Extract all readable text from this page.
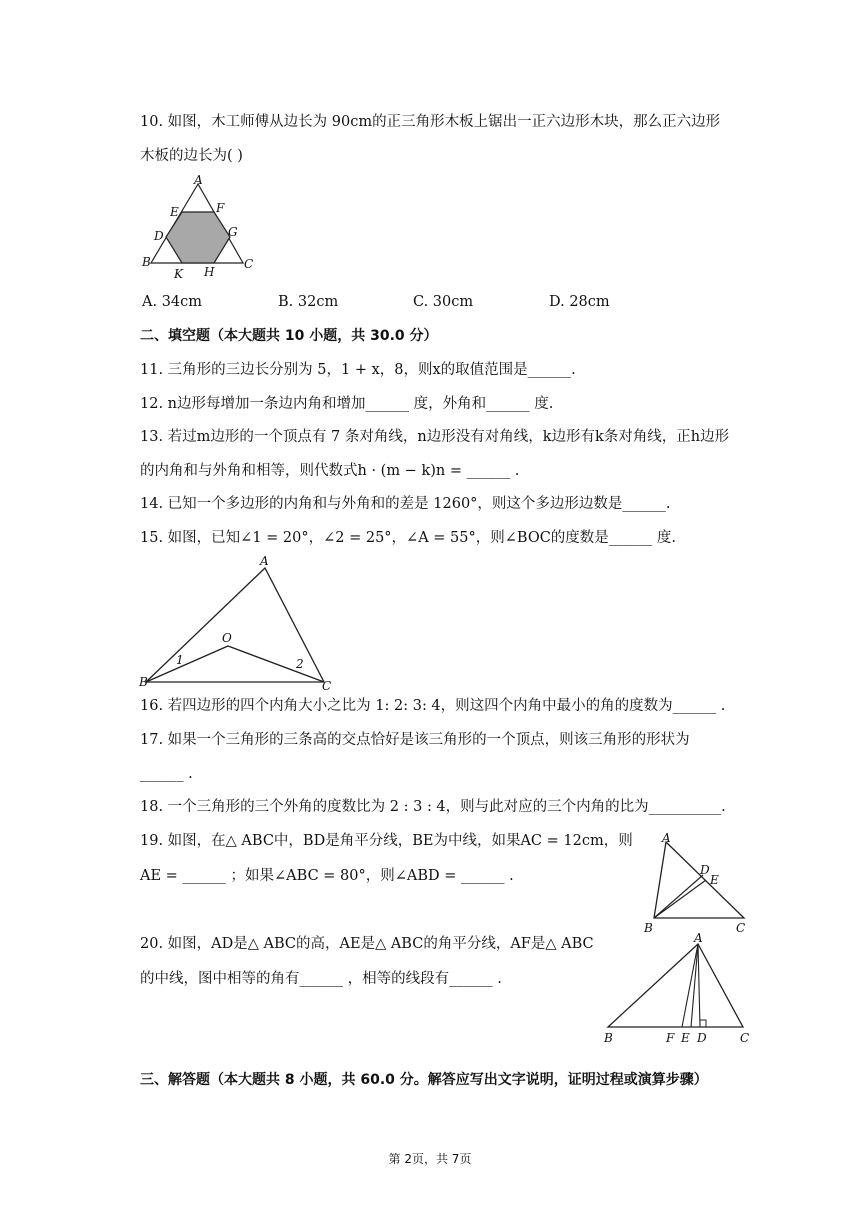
10. 如图，木工师傅从边长为 90cm的正三角形木板上锯出一正六边形木块，那么正六边形
木板的边长为( )
A
E	F
D	G
B
K H
C
A. 34cm	B. 32cm	C. 30cm	D. 28cm
二、填空题（本大题共 10 小题，共 30.0 分）
11. 三角形的三边长分别为 5，1 + x，8，则x的取值范围是______.
12. n边形每增加一条边内角和增加______ 度，外角和______ 度.
13. 若过m边形的一个顶点有 7 条对角线，n边形没有对角线，k边形有k条对角线，正h边形
的内角和与外角和相等，则代数式h · (m − k)n = ______ .
14. 已知一个多边形的内角和与外角和的差是 1260°，则这个多边形边数是______.
15. 如图，已知∠1 = 20°，∠2 = 25°，∠A = 55°，则∠BOC的度数是______ 度.
A
O
1	2
B	C
16. 若四边形的四个内角大小之比为 1: 2: 3: 4，则这四个内角中最小的角的度数为______ .
17. 如果一个三角形的三条高的交点恰好是该三角形的一个顶点，则该三角形的形状为
______ .
18. 一个三角形的三个外角的度数比为 2 : 3 : 4，则与此对应的三个内角的比为__________.
19. 如图，在△ ABC中，BD是角平分线，BE为中线，如果AC = 12cm，则
AE = ______ ；如果∠ABC = 80°，则∠ABD = ______ .
A
D
E
B	C
20. 如图，AD是△ ABC的高，AE是△ ABC的角平分线，AF是△ ABC
的中线，图中相等的角有______ ，相等的线段有______ .
A
B	F E D	C
三、解答题（本大题共 8 小题，共 60.0 分。解答应写出文字说明，证明过程或演算步骤）
第 2页，共 7页
